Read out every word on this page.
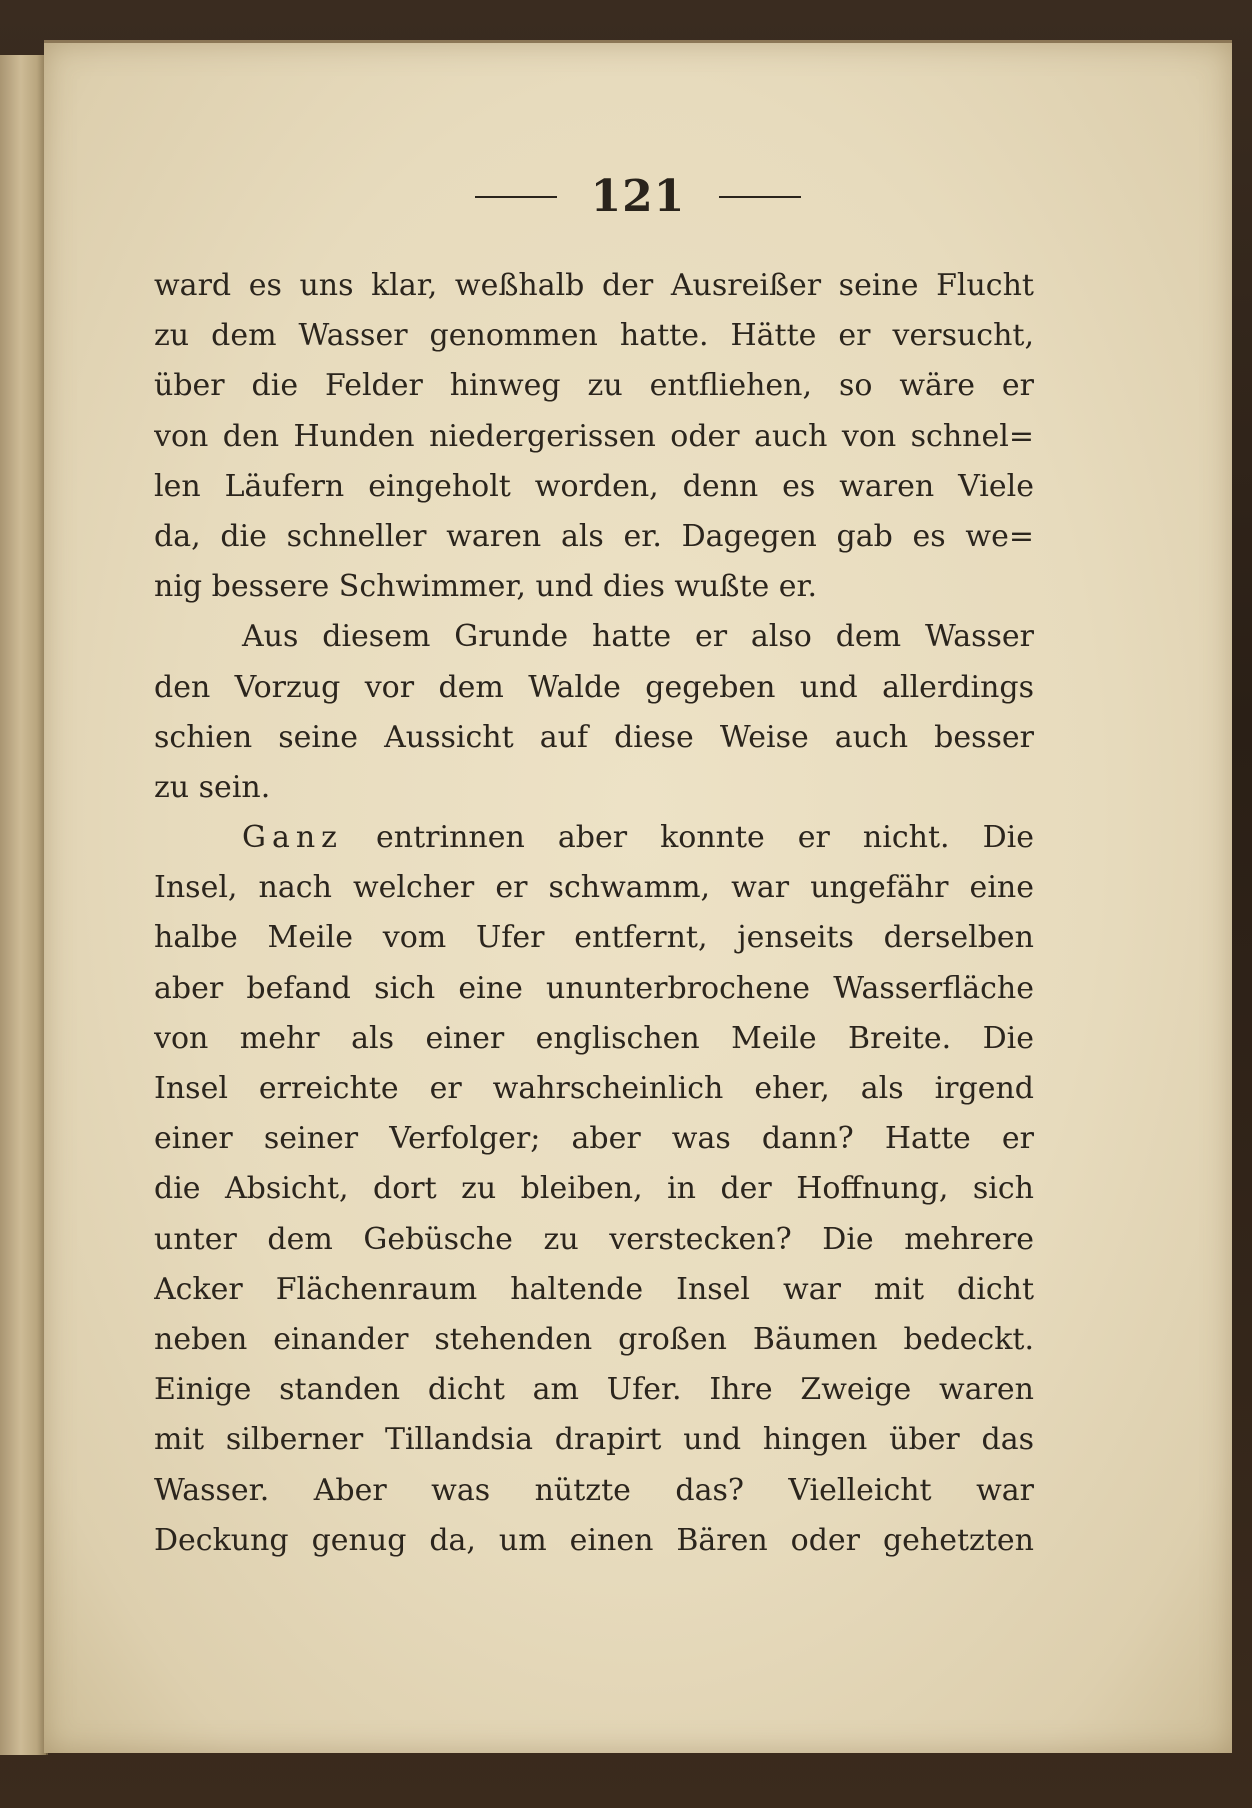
121
ward es uns klar, weßhalb der Ausreißer seine Flucht
zu dem Wasser genommen hatte. Hätte er versucht,
über die Felder hinweg zu entfliehen, so wäre er
von den Hunden niedergerissen oder auch von schnel=
len Läufern eingeholt worden, denn es waren Viele
da, die schneller waren als er. Dagegen gab es we=
nig bessere Schwimmer, und dies wußte er.
Aus diesem Grunde hatte er also dem Wasser
den Vorzug vor dem Walde gegeben und allerdings
schien seine Aussicht auf diese Weise auch besser
zu sein.
Ganz entrinnen aber konnte er nicht. Die
Insel, nach welcher er schwamm, war ungefähr eine
halbe Meile vom Ufer entfernt, jenseits derselben
aber befand sich eine ununterbrochene Wasserfläche
von mehr als einer englischen Meile Breite. Die
Insel erreichte er wahrscheinlich eher, als irgend
einer seiner Verfolger; aber was dann? Hatte er
die Absicht, dort zu bleiben, in der Hoffnung, sich
unter dem Gebüsche zu verstecken? Die mehrere
Acker Flächenraum haltende Insel war mit dicht
neben einander stehenden großen Bäumen bedeckt.
Einige standen dicht am Ufer. Ihre Zweige waren
mit silberner Tillandsia drapirt und hingen über das
Wasser. Aber was nützte das? Vielleicht war
Deckung genug da, um einen Bären oder gehetzten
